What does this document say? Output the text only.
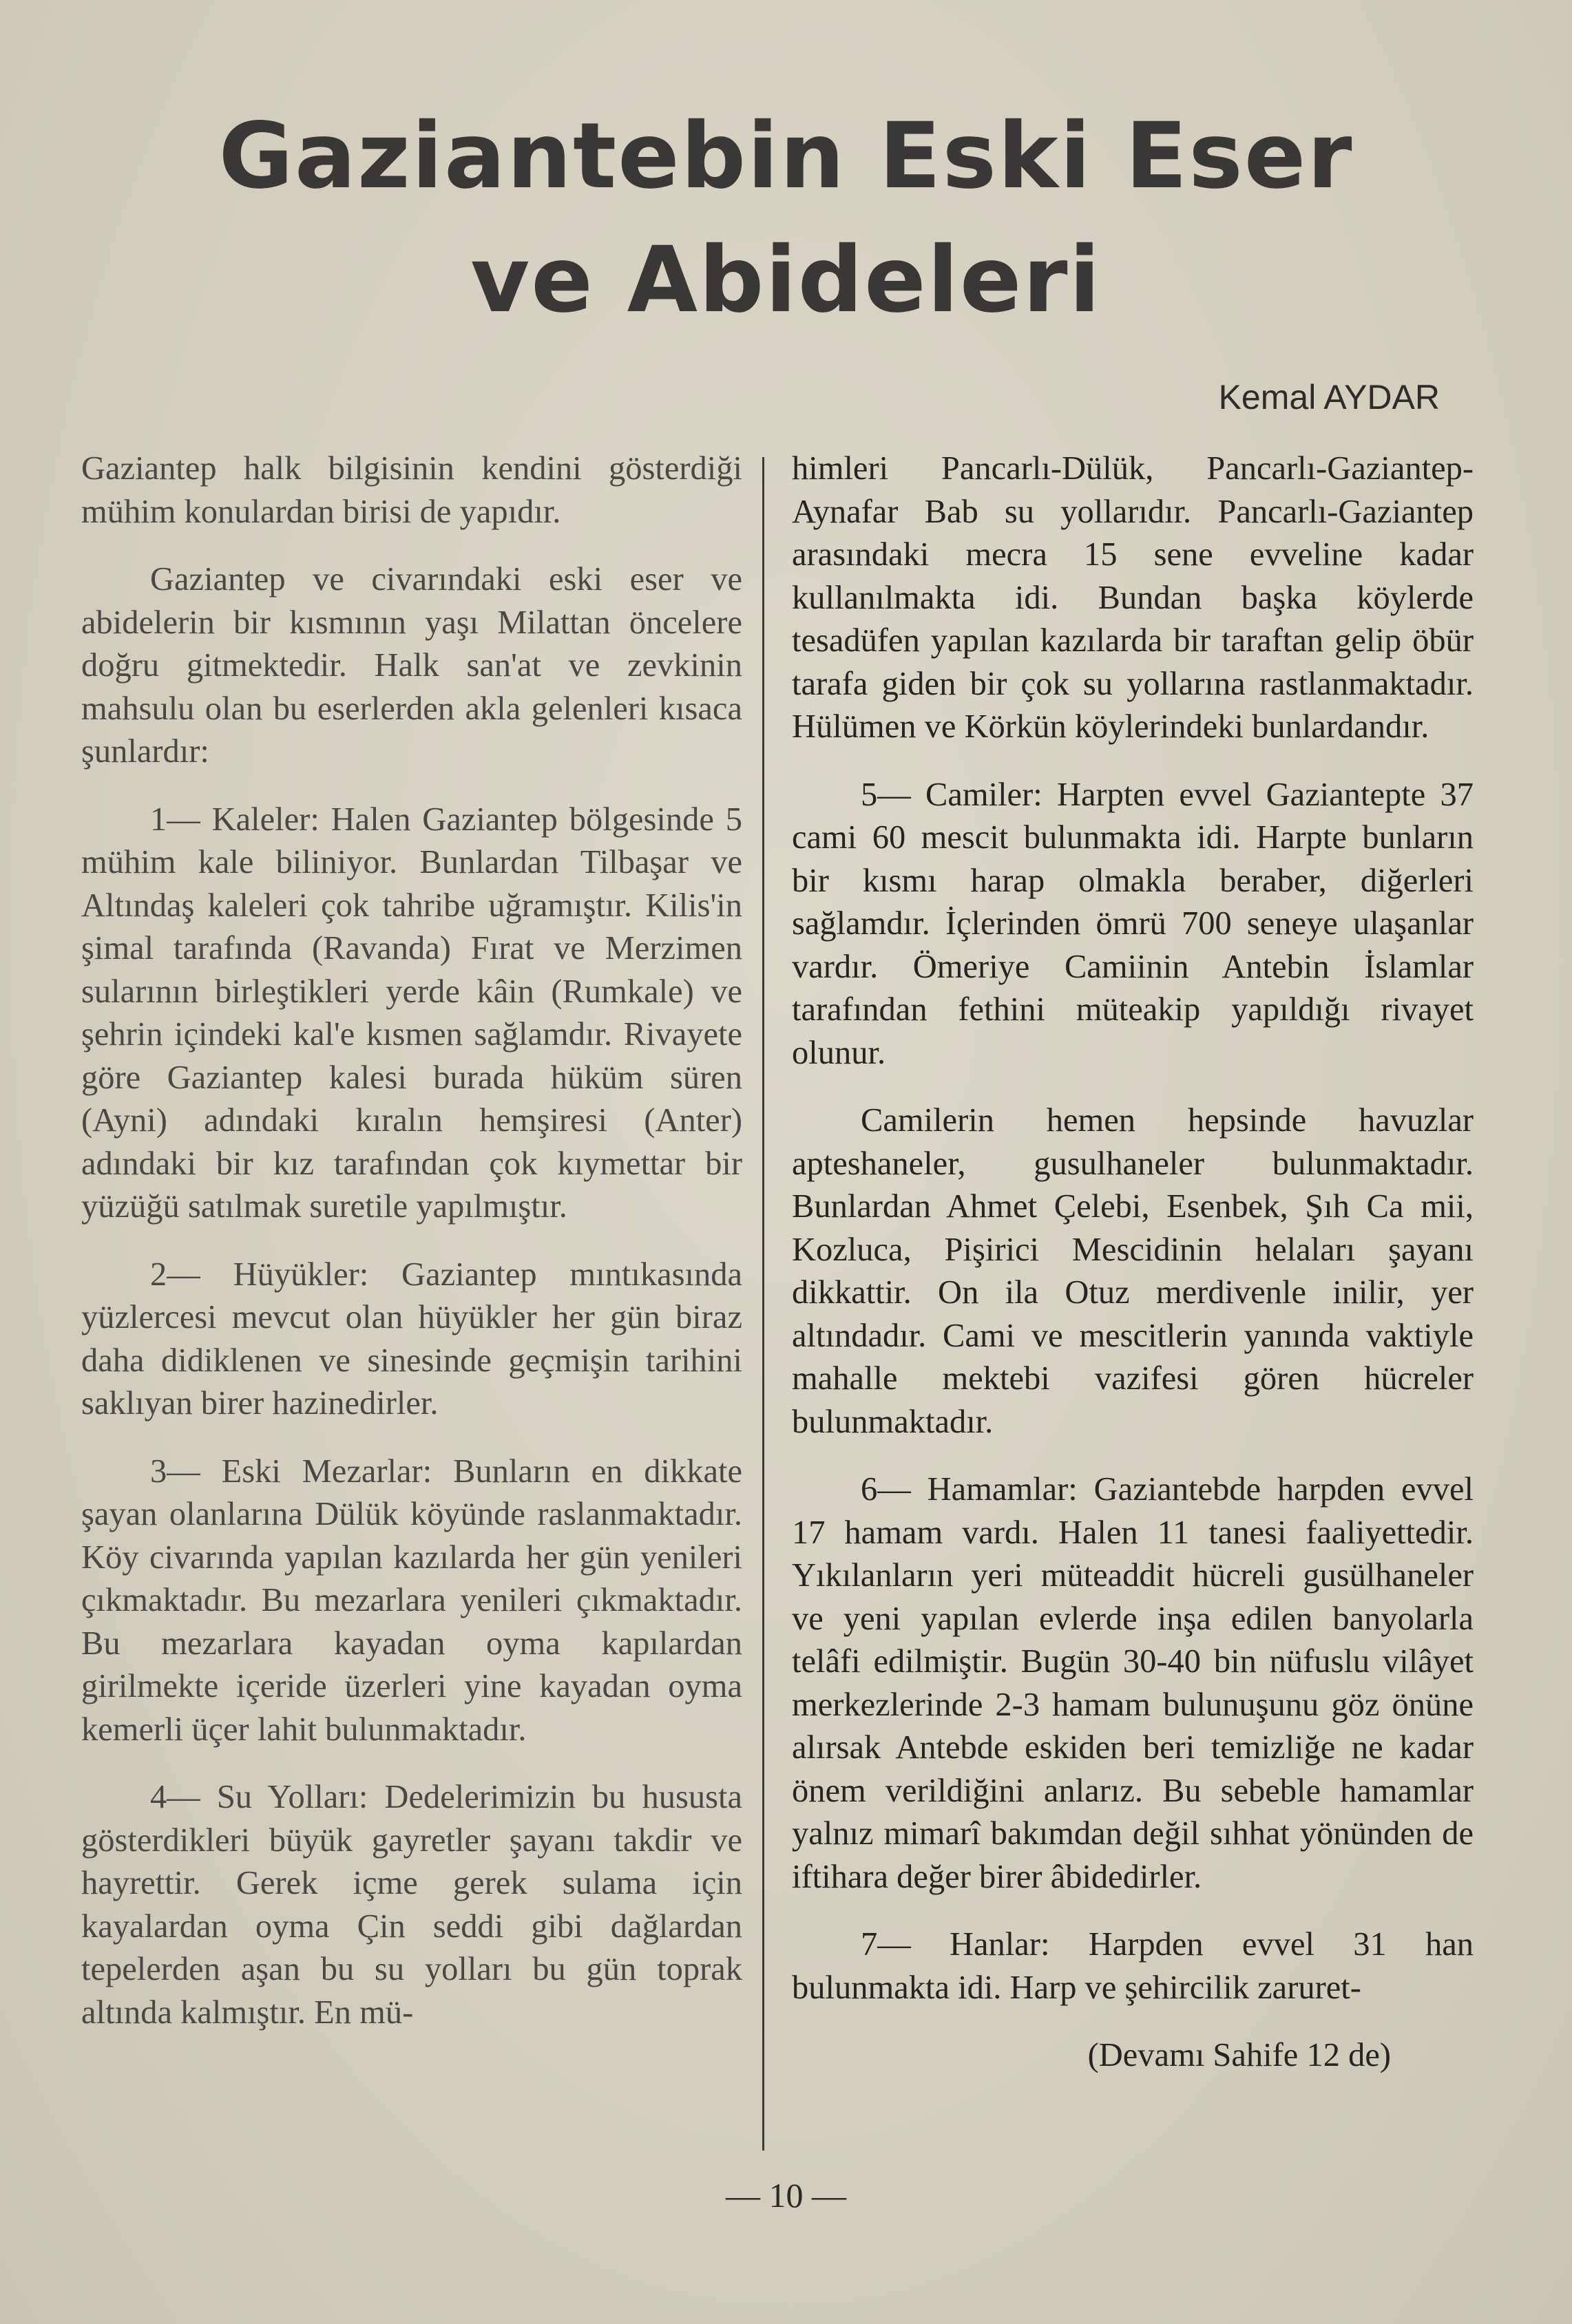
Gaziantebin Eski Eser
ve Abideleri
Kemal AYDAR

Gaziantep halk bilgisinin kendini gösterdiği mühim konulardan birisi de yapıdır.

Gaziantep ve civarındaki eski eser ve abidelerin bir kısmının yaşı Milattan öncelere doğru gitmektedir. Halk san'at ve zevkinin mahsulu olan bu eserlerden akla gelenleri kısaca şunlardır:

1— Kaleler: Halen Gaziantep bölgesinde 5 mühim kale biliniyor. Bunlardan Tilbaşar ve Altındaş kaleleri çok tahribe uğramıştır. Kilis'in şimal tarafında (Ravanda) Fırat ve Merzimen sularının birleştikleri yerde kâin (Rumkale) ve şehrin içindeki kal'e kısmen sağlamdır. Rivayete göre Gaziantep kalesi burada hüküm süren (Ayni) adındaki kıralın hemşiresi (Anter) adındaki bir kız tarafından çok kıymettar bir yüzüğü satılmak suretile yapılmıştır.

2— Hüyükler: Gaziantep mıntıkasında yüzlercesi mevcut olan hüyükler her gün biraz daha didiklenen ve sinesinde geçmişin tarihini saklıyan birer hazinedirler.

3— Eski Mezarlar: Bunların en dikkate şayan olanlarına Dülük köyünde raslanmaktadır. Köy civarında yapılan kazılarda her gün yenileri çıkmaktadır. Bu mezarlara yenileri çıkmaktadır. Bu mezarlara kayadan oyma kapılardan girilmekte içeride üzerleri yine kayadan oyma kemerli üçer lahit bulunmaktadır.

4— Su Yolları: Dedelerimizin bu hususta gösterdikleri büyük gayretler şayanı takdir ve hayrettir. Gerek içme gerek sulama için kayalardan oyma Çin seddi gibi dağlardan tepelerden aşan bu su yolları bu gün toprak altında kalmıştır. En mü-

himleri Pancarlı-Dülük, Pancarlı-Gaziantep-Aynafar Bab su yollarıdır. Pancarlı-Gaziantep arasındaki mecra 15 sene evveline kadar kullanılmakta idi. Bundan başka köylerde tesadüfen yapılan kazılarda bir taraftan gelip öbür tarafa giden bir çok su yollarına rastlanmaktadır. Hülümen ve Körkün köylerindeki bunlardandır.

5— Camiler: Harpten evvel Gaziantepte 37 cami 60 mescit bulunmakta idi. Harpte bunların bir kısmı harap olmakla beraber, diğerleri sağlamdır. İçlerinden ömrü 700 seneye ulaşanlar vardır. Ömeriye Camiinin Antebin İslamlar tarafından fethini müteakip yapıldığı rivayet olunur.

Camilerin hemen hepsinde havuzlar apteshaneler, gusulhaneler bulunmaktadır. Bunlardan Ahmet Çelebi, Esenbek, Şıh Ca mii, Kozluca, Pişirici Mescidinin helaları şayanı dikkattir. On ila Otuz merdivenle inilir, yer altındadır. Cami ve mescitlerin yanında vaktiyle mahalle mektebi vazifesi gören hücreler bulunmaktadır.

6— Hamamlar: Gaziantebde harpden evvel 17 hamam vardı. Halen 11 tanesi faaliyettedir. Yıkılanların yeri müteaddit hücreli gusülhaneler ve yeni yapılan evlerde inşa edilen banyolarla telâfi edilmiştir. Bugün 30-40 bin nüfuslu vilâyet merkezlerinde 2-3 hamam bulunuşunu göz önüne alırsak Antebde eskiden beri temizliğe ne kadar önem verildiğini anlarız. Bu sebeble hamamlar yalnız mimarî bakımdan değil sıhhat yönünden de iftihara değer birer âbidedirler.

7— Hanlar: Harpden evvel 31 han bulunmakta idi. Harp ve şehircilik zaruret-

(Devamı Sahife 12 de)

— 10 —
